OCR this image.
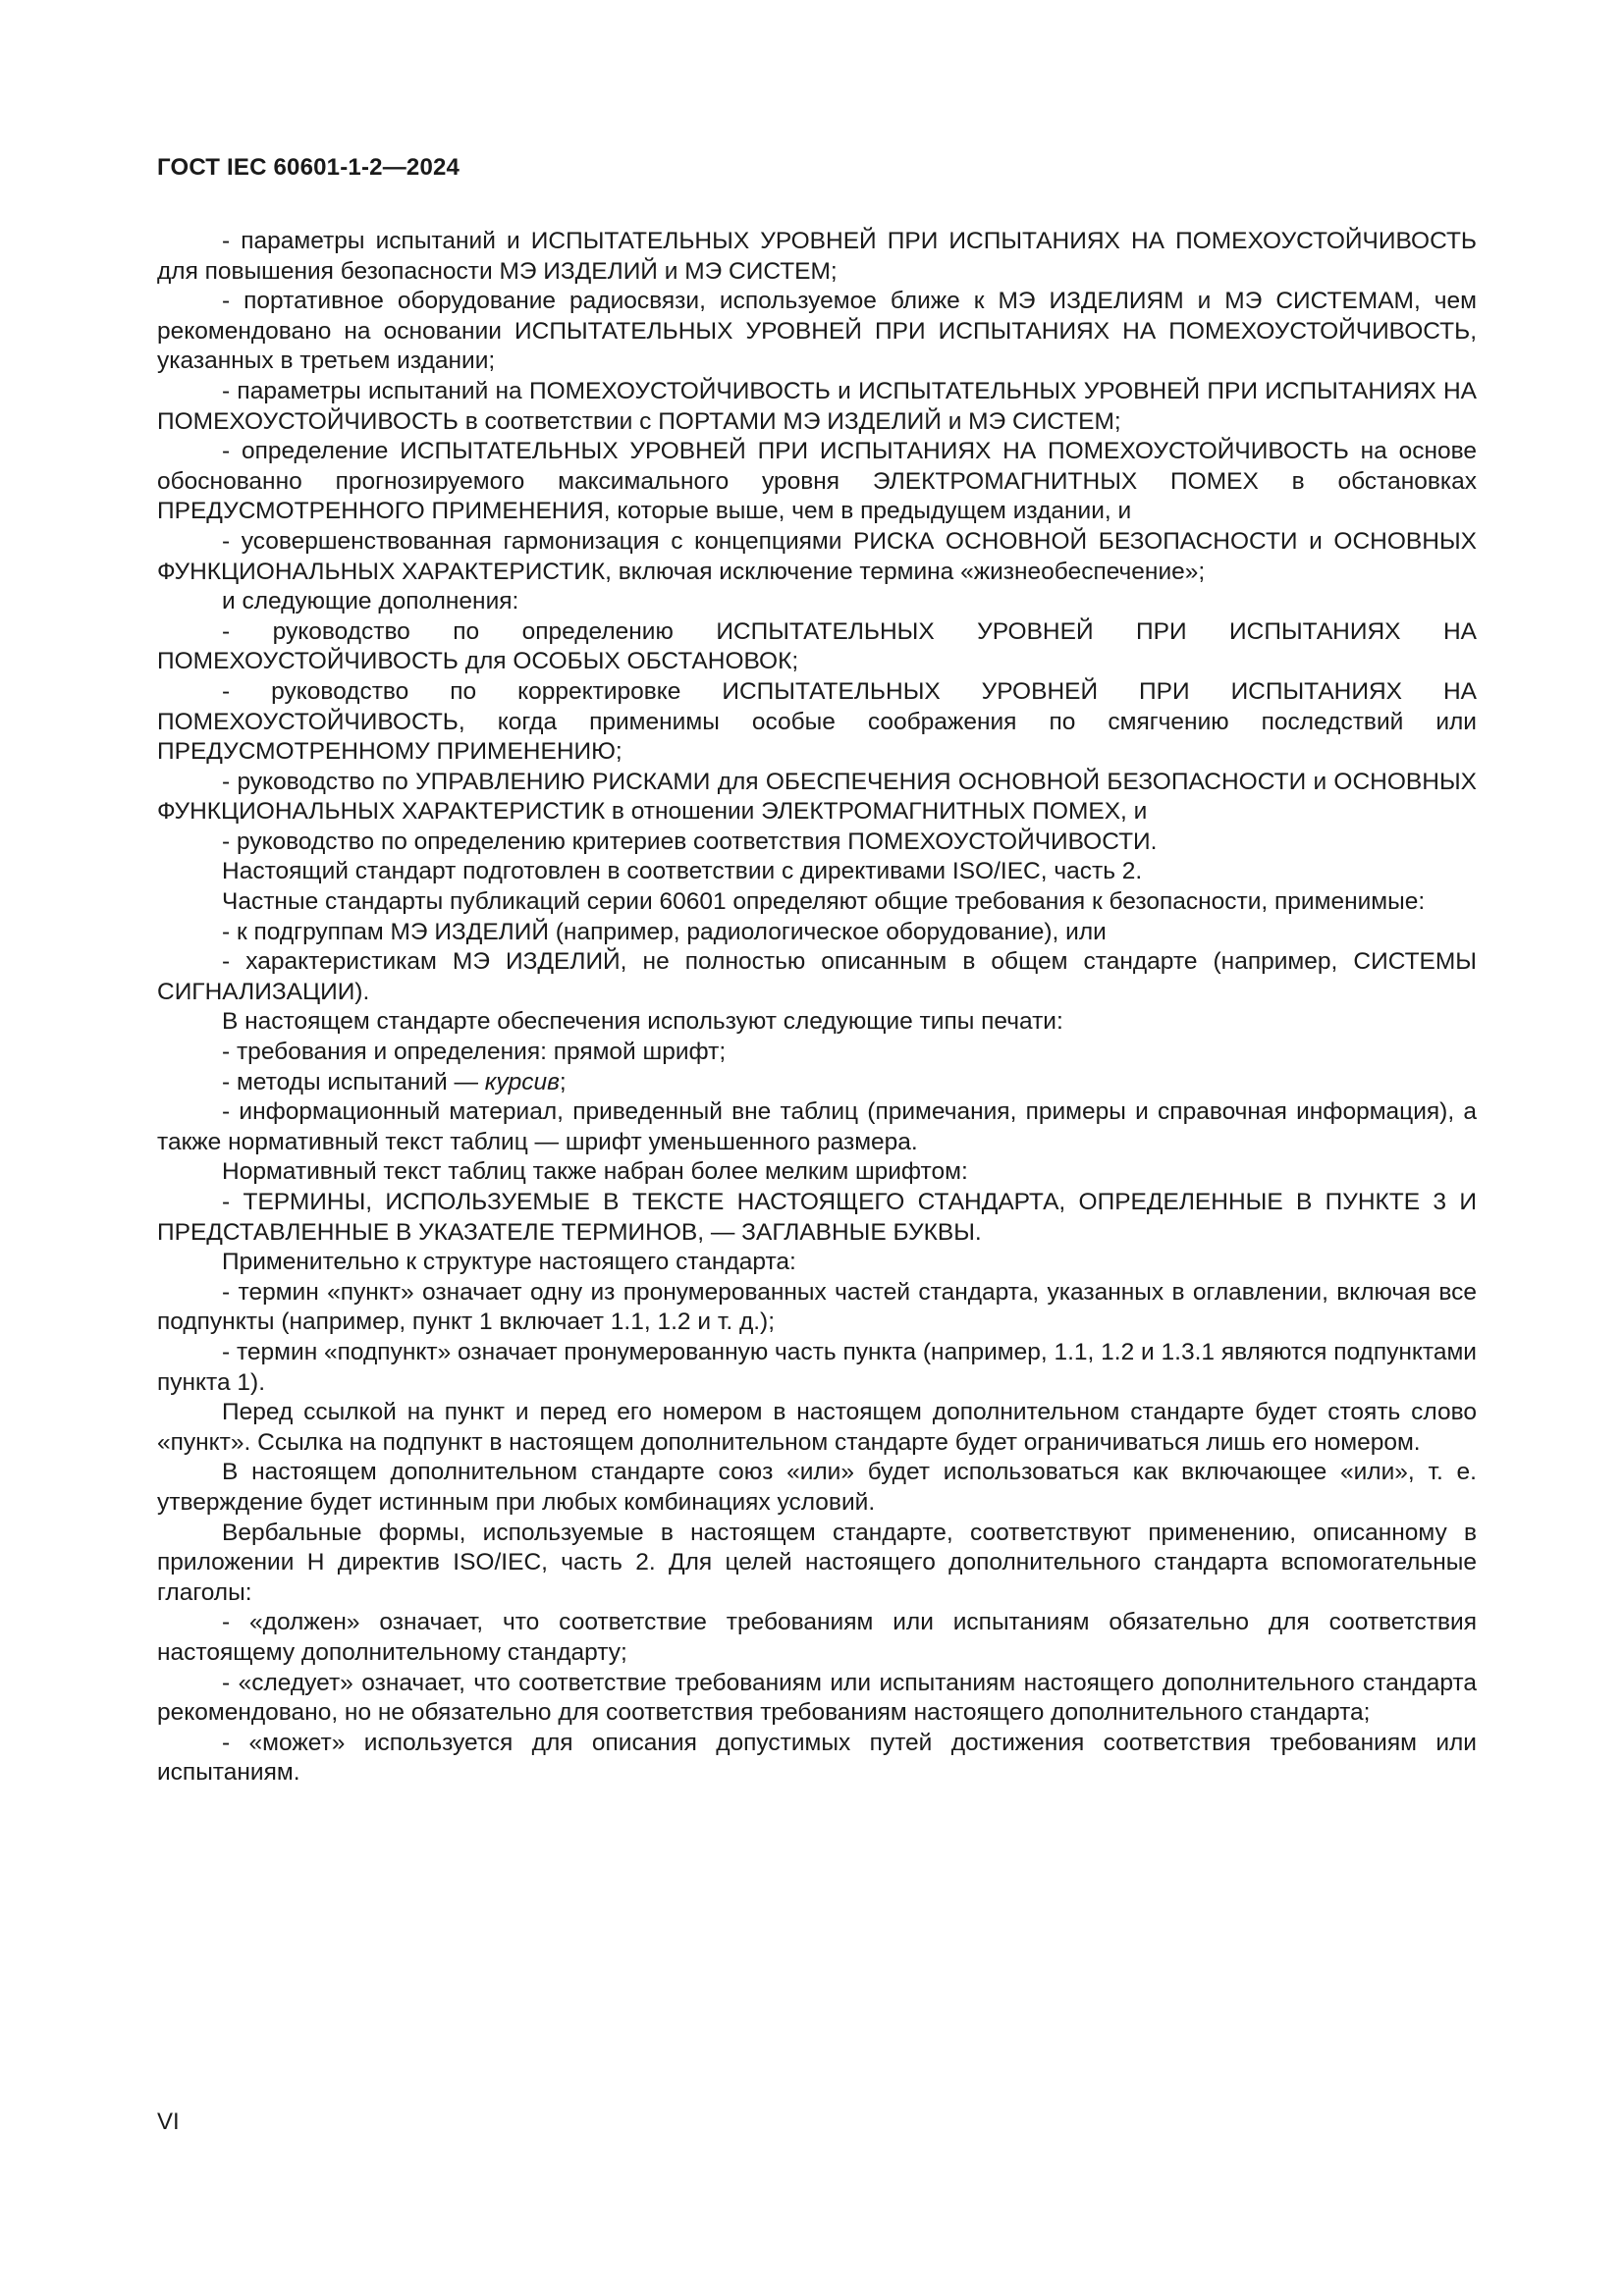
ГОСТ IEC 60601-1-2—2024

- параметры испытаний и ИСПЫТАТЕЛЬНЫХ УРОВНЕЙ ПРИ ИСПЫТАНИЯХ НА ПОМЕХОУСТОЙЧИВОСТЬ для повышения безопасности МЭ ИЗДЕЛИЙ и МЭ СИСТЕМ;

- портативное оборудование радиосвязи, используемое ближе к МЭ ИЗДЕЛИЯМ и МЭ СИСТЕМАМ, чем рекомендовано на основании ИСПЫТАТЕЛЬНЫХ УРОВНЕЙ ПРИ ИСПЫТАНИЯХ НА ПОМЕХОУСТОЙЧИВОСТЬ, указанных в третьем издании;

- параметры испытаний на ПОМЕХОУСТОЙЧИВОСТЬ и ИСПЫТАТЕЛЬНЫХ УРОВНЕЙ ПРИ ИСПЫТАНИЯХ НА ПОМЕХОУСТОЙЧИВОСТЬ в соответствии с ПОРТАМИ МЭ ИЗДЕЛИЙ и МЭ СИСТЕМ;

- определение ИСПЫТАТЕЛЬНЫХ УРОВНЕЙ ПРИ ИСПЫТАНИЯХ НА ПОМЕХОУСТОЙЧИВОСТЬ на основе обоснованно прогнозируемого максимального уровня ЭЛЕКТРОМАГНИТНЫХ ПОМЕХ в обстановках ПРЕДУСМОТРЕННОГО ПРИМЕНЕНИЯ, которые выше, чем в предыдущем издании, и

- усовершенствованная гармонизация с концепциями РИСКА ОСНОВНОЙ БЕЗОПАСНОСТИ и ОСНОВНЫХ ФУНКЦИОНАЛЬНЫХ ХАРАКТЕРИСТИК, включая исключение термина «жизнеобеспечение»;

и следующие дополнения:

- руководство по определению ИСПЫТАТЕЛЬНЫХ УРОВНЕЙ ПРИ ИСПЫТАНИЯХ НА ПОМЕХОУСТОЙЧИВОСТЬ для ОСОБЫХ ОБСТАНОВОК;

- руководство по корректировке ИСПЫТАТЕЛЬНЫХ УРОВНЕЙ ПРИ ИСПЫТАНИЯХ НА ПОМЕХОУСТОЙЧИВОСТЬ, когда применимы особые соображения по смягчению последствий или ПРЕДУСМОТРЕННОМУ ПРИМЕНЕНИЮ;

- руководство по УПРАВЛЕНИЮ РИСКАМИ для ОБЕСПЕЧЕНИЯ ОСНОВНОЙ БЕЗОПАСНОСТИ и ОСНОВНЫХ ФУНКЦИОНАЛЬНЫХ ХАРАКТЕРИСТИК в отношении ЭЛЕКТРОМАГНИТНЫХ ПОМЕХ, и

- руководство по определению критериев соответствия ПОМЕХОУСТОЙЧИВОСТИ.

Настоящий стандарт подготовлен в соответствии с директивами ISO/IEC, часть 2.

Частные стандарты публикаций серии 60601 определяют общие требования к безопасности, применимые:

- к подгруппам МЭ ИЗДЕЛИЙ (например, радиологическое оборудование), или

- характеристикам МЭ ИЗДЕЛИЙ, не полностью описанным в общем стандарте (например, СИСТЕМЫ СИГНАЛИЗАЦИИ).

В настоящем стандарте обеспечения используют следующие типы печати:

- требования и определения: прямой шрифт;

- методы испытаний — курсив;

- информационный материал, приведенный вне таблиц (примечания, примеры и справочная информация), а также нормативный текст таблиц — шрифт уменьшенного размера.

Нормативный текст таблиц также набран более мелким шрифтом:

- ТЕРМИНЫ, ИСПОЛЬЗУЕМЫЕ В ТЕКСТЕ НАСТОЯЩЕГО СТАНДАРТА, ОПРЕДЕЛЕННЫЕ В ПУНКТЕ 3 И ПРЕДСТАВЛЕННЫЕ В УКАЗАТЕЛЕ ТЕРМИНОВ, — ЗАГЛАВНЫЕ БУКВЫ.

Применительно к структуре настоящего стандарта:

- термин «пункт» означает одну из пронумерованных частей стандарта, указанных в оглавлении, включая все подпункты (например, пункт 1 включает 1.1, 1.2 и т. д.);

- термин «подпункт» означает пронумерованную часть пункта (например, 1.1, 1.2 и 1.3.1 являются подпунктами пункта 1).

Перед ссылкой на пункт и перед его номером в настоящем дополнительном стандарте будет стоять слово «пункт». Ссылка на подпункт в настоящем дополнительном стандарте будет ограничиваться лишь его номером.

В настоящем дополнительном стандарте союз «или» будет использоваться как включающее «или», т. е. утверждение будет истинным при любых комбинациях условий.

Вербальные формы, используемые в настоящем стандарте, соответствуют применению, описанному в приложении H директив ISO/IEC, часть 2. Для целей настоящего дополнительного стандарта вспомогательные глаголы:

- «должен» означает, что соответствие требованиям или испытаниям обязательно для соответствия настоящему дополнительному стандарту;

- «следует» означает, что соответствие требованиям или испытаниям настоящего дополнительного стандарта рекомендовано, но не обязательно для соответствия требованиям настоящего дополнительного стандарта;

- «может» используется для описания допустимых путей достижения соответствия требованиям или испытаниям.

VI
